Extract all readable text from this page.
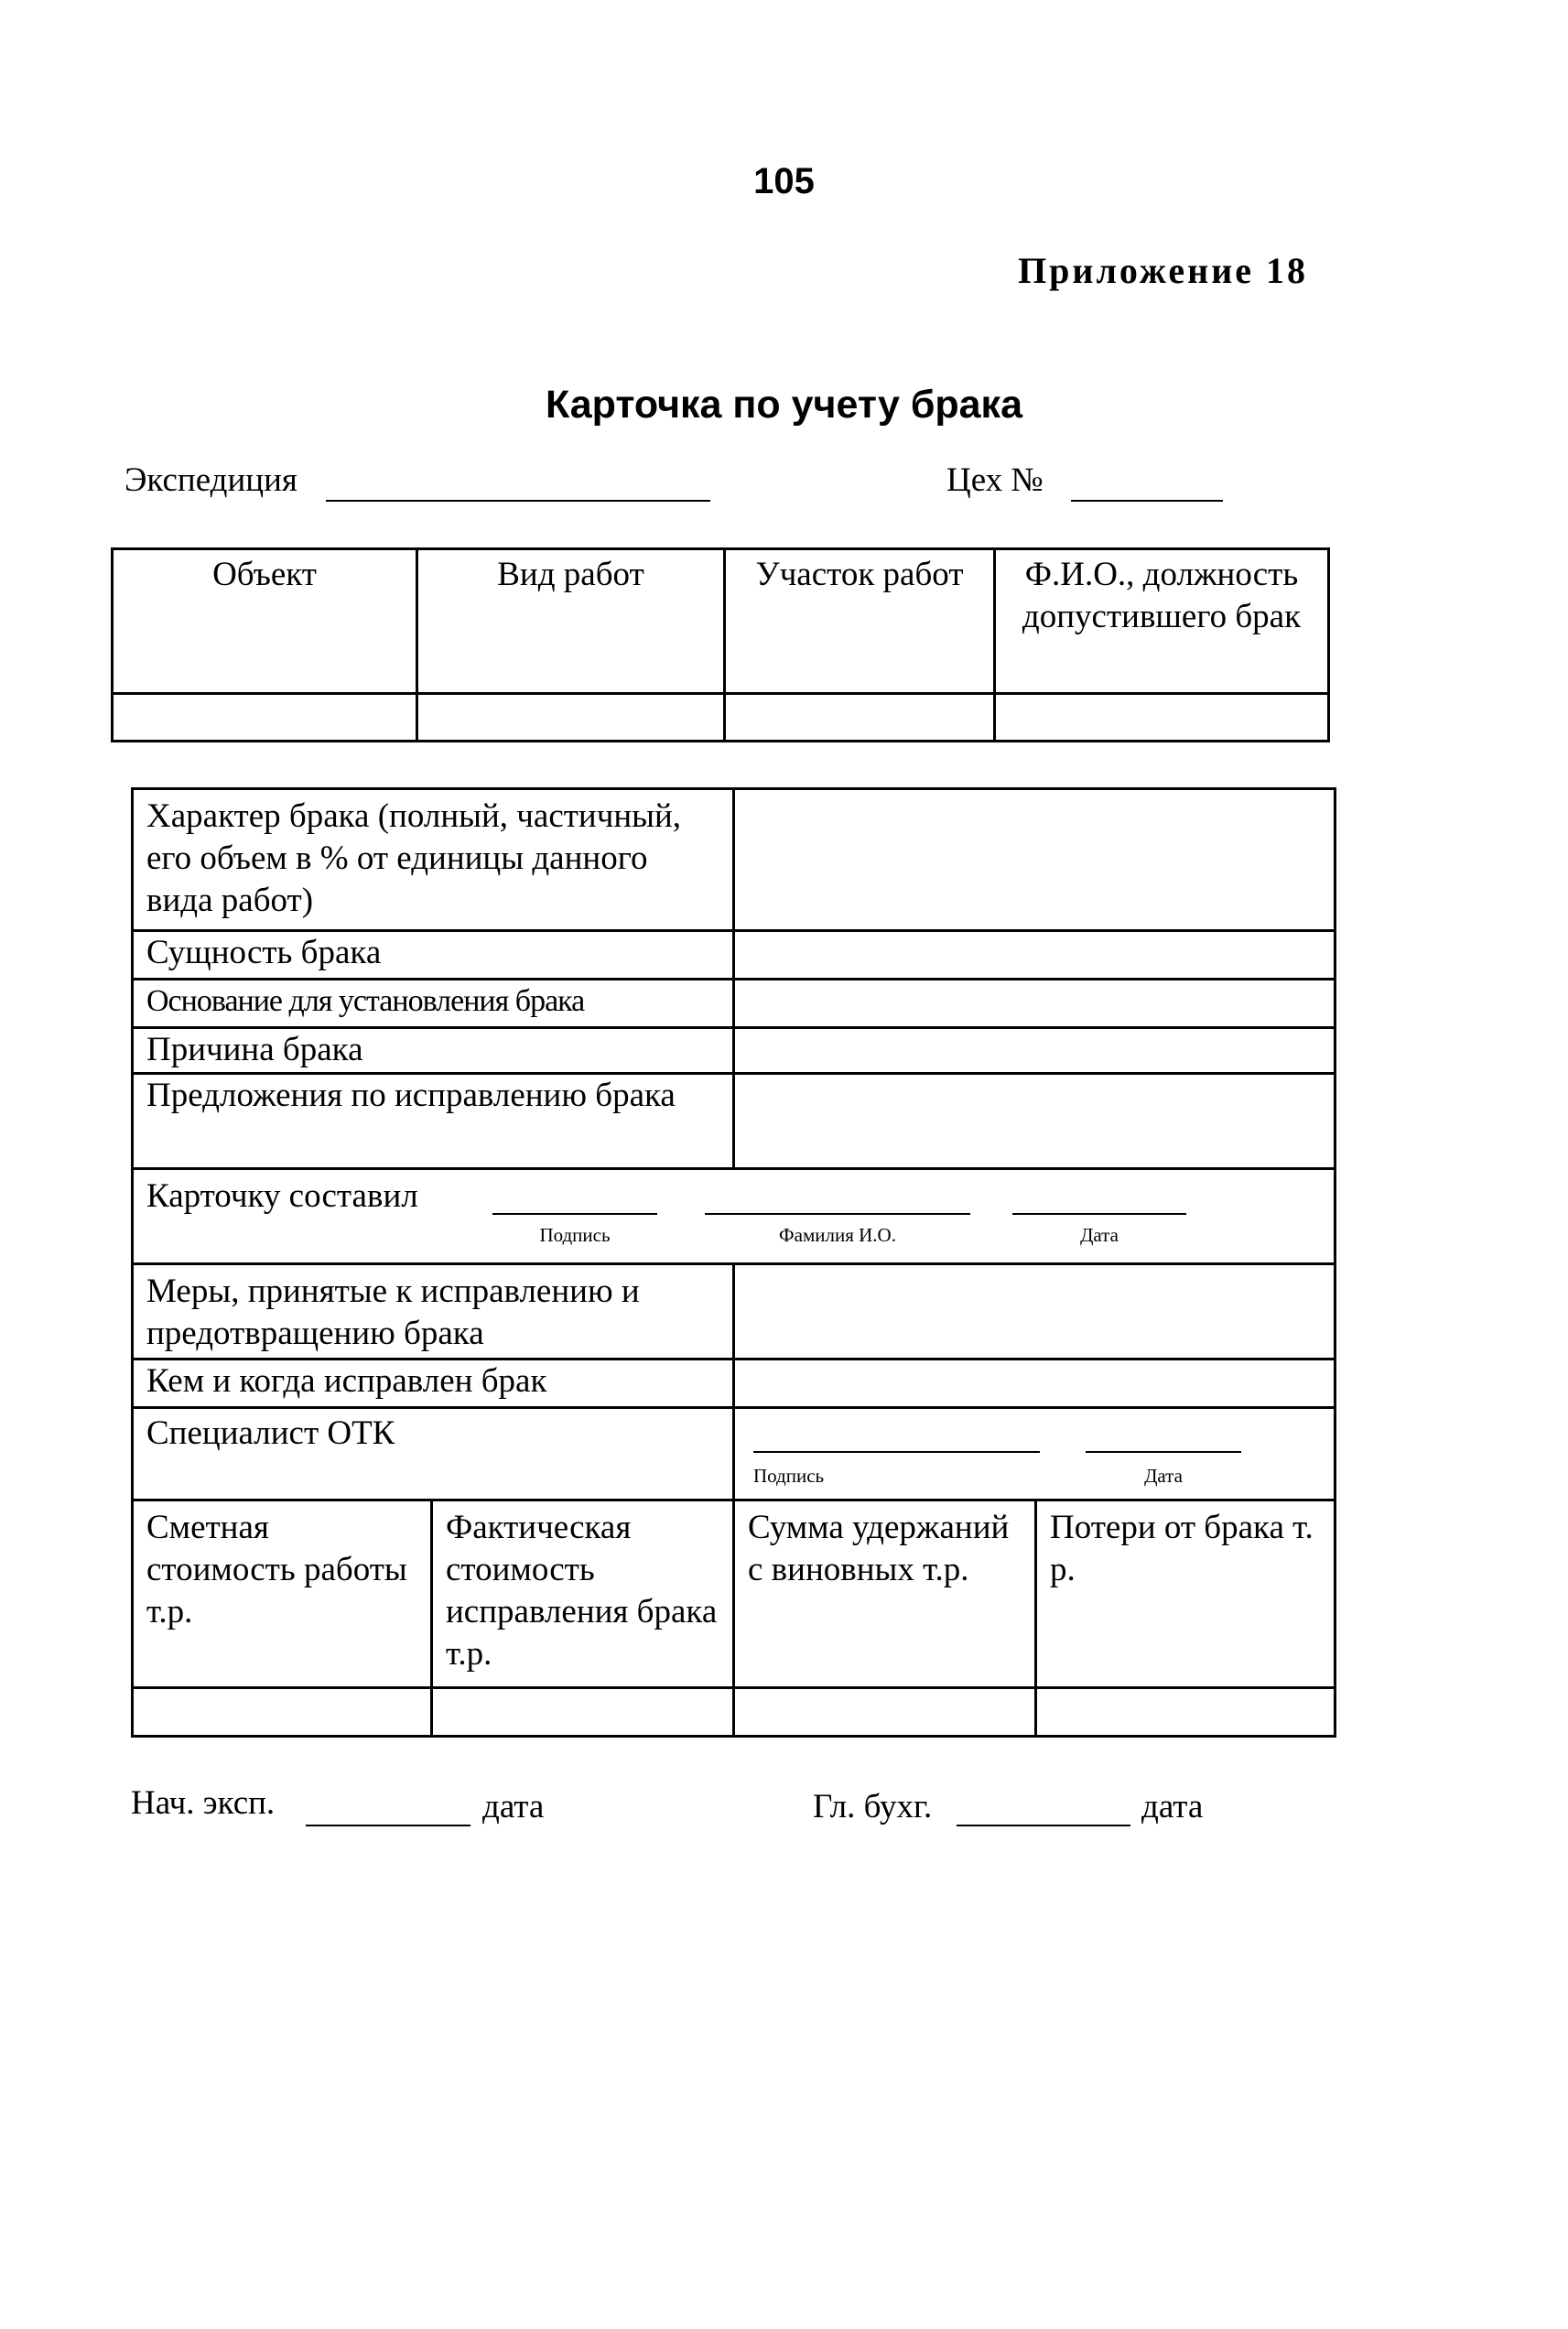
105
Приложение 18
Карточка по учету брака
Экспедиция	Цех №
Объект	Вид работ	Участок работ	Ф.И.О., должность допустившего брак

Характер брака (полный, частичный, его объем в % от единицы данного вида работ)			
Сущность брака			
Основание для установления брака			
Причина брака			
Предложения по исправлению брака			
Карточку составил
Подпись Фамилия И.О. Дата			

Меры, принятые к исправлению и предотвращению брака			
Кем и когда исправлен брак			
Специалист ОТК		Подпись Дата	

Сметная стоимость работы т.р.	Фактическая стоимость исправления брака т.р.	Сумма удержаний с виновных т.р.	Потери от брака т. р.

Нач. эксп.	дата	Гл. бухг.	дата
